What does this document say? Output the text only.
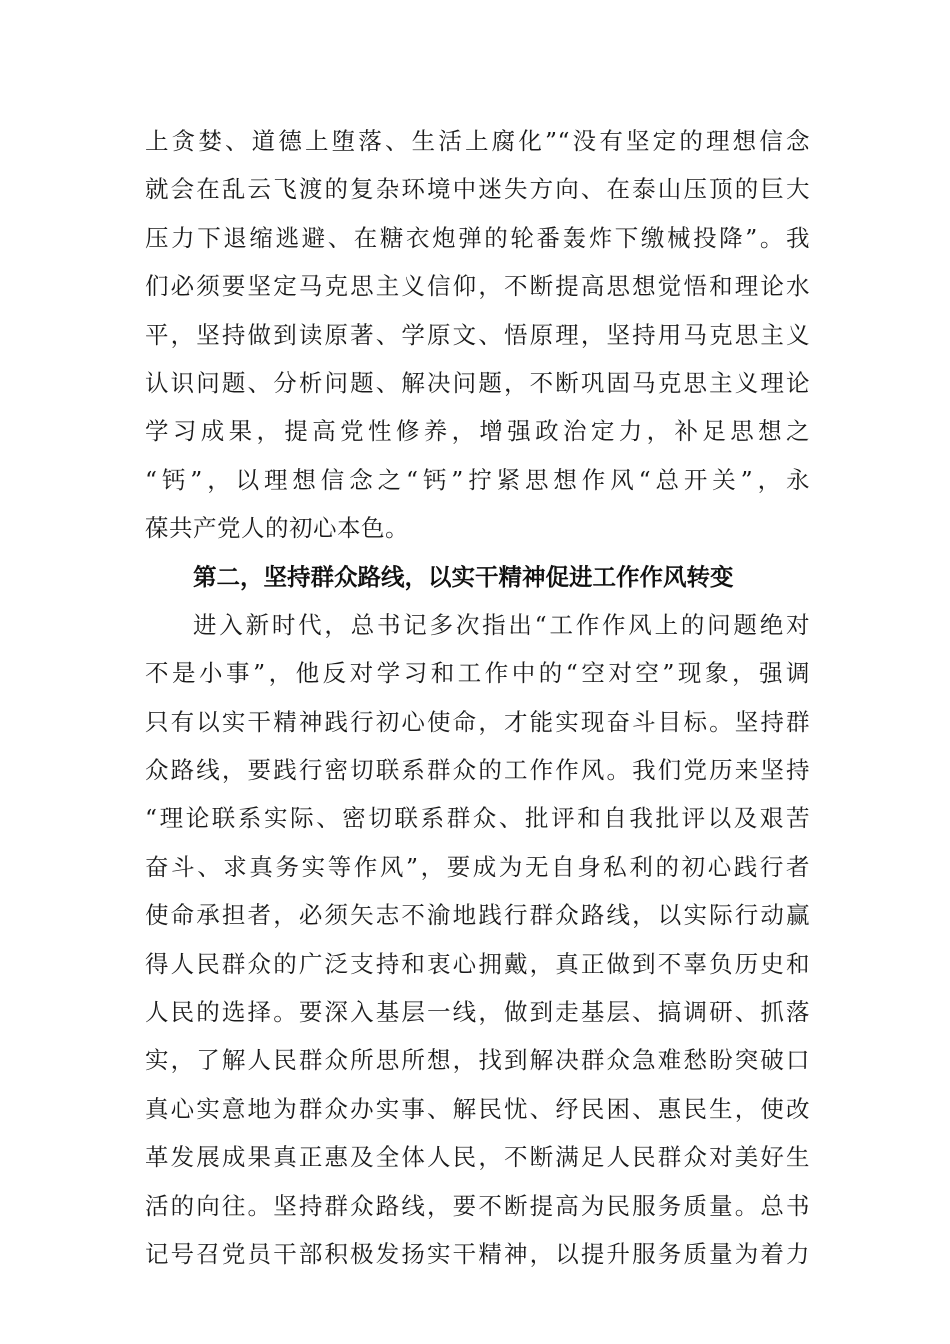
上贪婪、道德上堕落、生活上腐化”“没有坚定的理想信念
就会在乱云飞渡的复杂环境中迷失方向、在泰山压顶的巨大
压力下退缩逃避、在糖衣炮弹的轮番轰炸下缴械投降”。我
们必须要坚定马克思主义信仰，不断提高思想觉悟和理论水
平，坚持做到读原著、学原文、悟原理，坚持用马克思主义
认识问题、分析问题、解决问题，不断巩固马克思主义理论
学习成果，提高党性修养，增强政治定力，补足思想之
“钙”，以理想信念之“钙”拧紧思想作风“总开关”，永
葆共产党人的初心本色。
第二，坚持群众路线，以实干精神促进工作作风转变
进入新时代，总书记多次指出“工作作风上的问题绝对
不是小事”，他反对学习和工作中的“空对空”现象，强调
只有以实干精神践行初心使命，才能实现奋斗目标。坚持群
众路线，要践行密切联系群众的工作作风。我们党历来坚持
“理论联系实际、密切联系群众、批评和自我批评以及艰苦
奋斗、求真务实等作风”，要成为无自身私利的初心践行者
使命承担者，必须矢志不渝地践行群众路线，以实际行动赢
得人民群众的广泛支持和衷心拥戴，真正做到不辜负历史和
人民的选择。要深入基层一线，做到走基层、搞调研、抓落
实，了解人民群众所思所想，找到解决群众急难愁盼突破口
真心实意地为群众办实事、解民忧、纾民困、惠民生，使改
革发展成果真正惠及全体人民，不断满足人民群众对美好生
活的向往。坚持群众路线，要不断提高为民服务质量。总书
记号召党员干部积极发扬实干精神，以提升服务质量为着力
